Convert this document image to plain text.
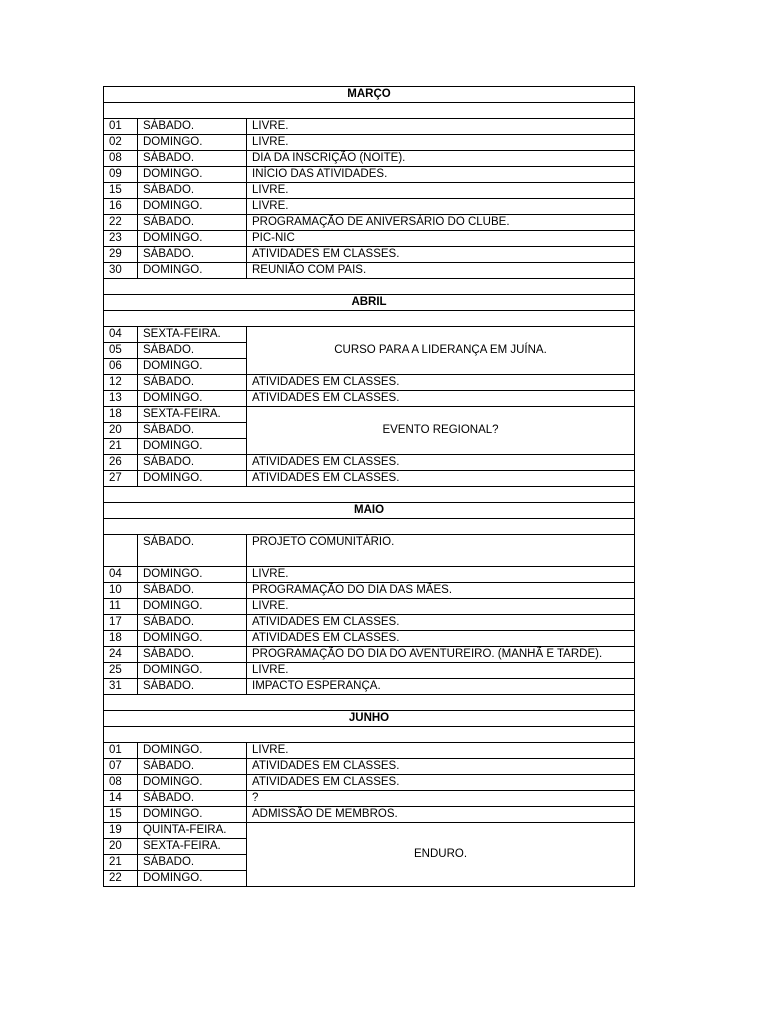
MARÇO		

01	SÁBADO.	LIVRE.
02	DOMINGO.	LIVRE.
08	SÁBADO.	DIA DA INSCRIÇÃO (NOITE).
09	DOMINGO.	INÍCIO DAS ATIVIDADES.
15	SÁBADO.	LIVRE.
16	DOMINGO.	LIVRE.
22	SÁBADO.	PROGRAMAÇÃO DE ANIVERSÁRIO DO CLUBE.
23	DOMINGO.	PIC-NIC
29	SÁBADO.	ATIVIDADES EM CLASSES.
30	DOMINGO.	REUNIÃO COM PAIS.

ABRIL		

04	SEXTA-FEIRA.	CURSO PARA A LIDERANÇA EM JUÍNA.
05	SÁBADO.	
06	DOMINGO.	
12	SÁBADO.	ATIVIDADES EM CLASSES.
13	DOMINGO.	ATIVIDADES EM CLASSES.
18	SEXTA-FEIRA.	EVENTO REGIONAL?
20	SÁBADO.	
21	DOMINGO.	
26	SÁBADO.	ATIVIDADES EM CLASSES.
27	DOMINGO.	ATIVIDADES EM CLASSES.

MAIO		

	SÁBADO.	PROJETO COMUNITÁRIO.
04	DOMINGO.	LIVRE.
10	SÁBADO.	PROGRAMAÇÃO DO DIA DAS MÃES.
11	DOMINGO.	LIVRE.
17	SÁBADO.	ATIVIDADES EM CLASSES.
18	DOMINGO.	ATIVIDADES EM CLASSES.
24	SÁBADO.	PROGRAMAÇÃO DO DIA DO AVENTUREIRO. (MANHÃ E TARDE).
25	DOMINGO.	LIVRE.
31	SÁBADO.	IMPACTO ESPERANÇA.

JUNHO		

01	DOMINGO.	LIVRE.
07	SÁBADO.	ATIVIDADES EM CLASSES.
08	DOMINGO.	ATIVIDADES EM CLASSES.
14	SÁBADO.	?
15	DOMINGO.	ADMISSÃO DE MEMBROS.
19	QUINTA-FEIRA.	ENDURO.
20	SEXTA-FEIRA.	
21	SÁBADO.	
22	DOMINGO.	
